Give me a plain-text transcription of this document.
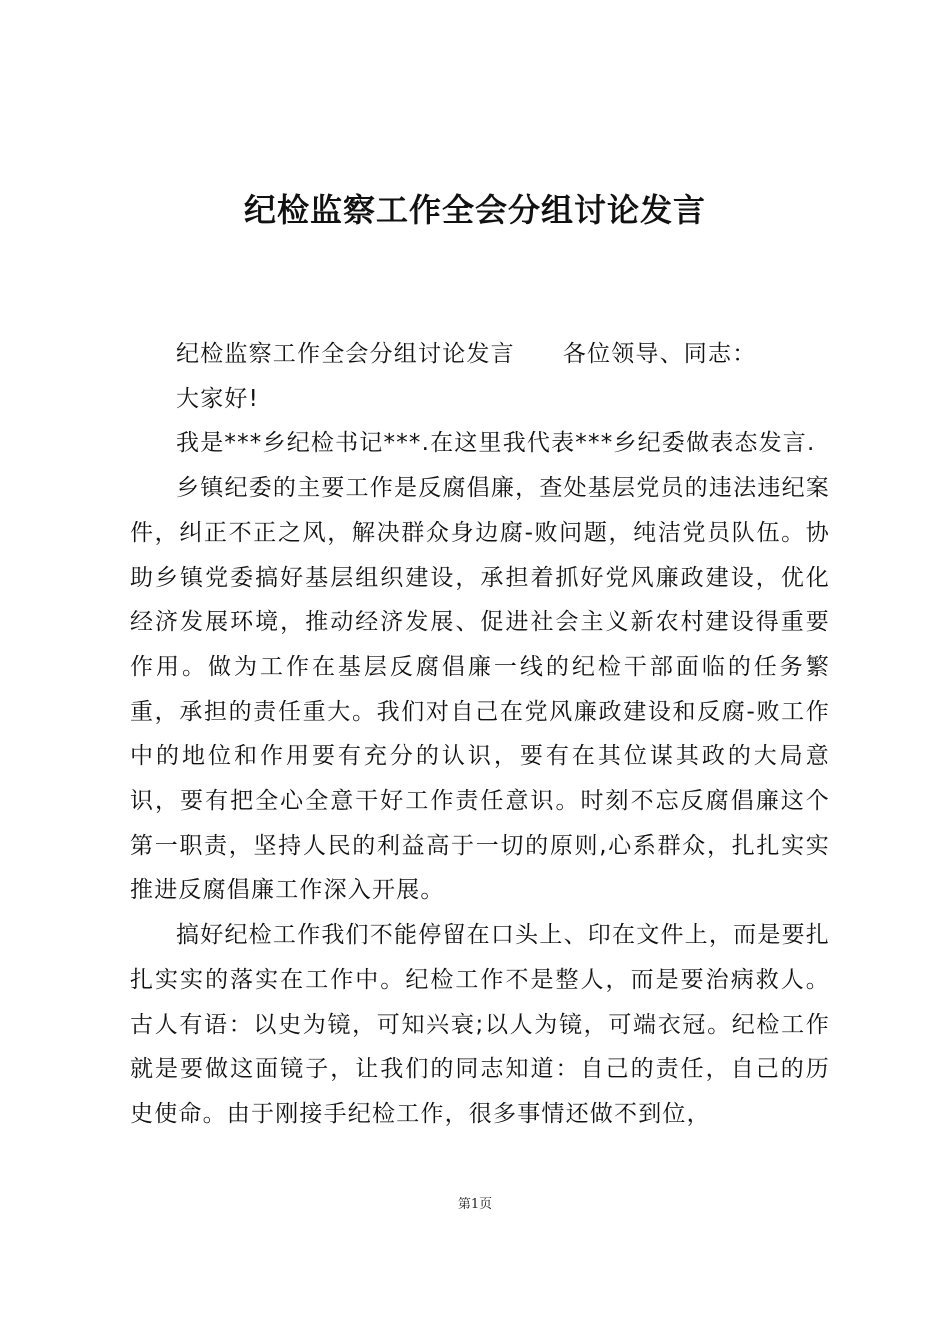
纪检监察工作全会分组讨论发言

纪检监察工作全会分组讨论发言 各位领导、同志：

大家好!

我是***乡纪检书记***.在这里我代表***乡纪委做表态发言.

乡镇纪委的主要工作是反腐倡廉，查处基层党员的违法违纪案件，纠正不正之风，解决群众身边腐-败问题，纯洁党员队伍。协助乡镇党委搞好基层组织建设，承担着抓好党风廉政建设，优化经济发展环境，推动经济发展、促进社会主义新农村建设得重要作用。做为工作在基层反腐倡廉一线的纪检干部面临的任务繁重，承担的责任重大。我们对自己在党风廉政建设和反腐-败工作中的地位和作用要有充分的认识，要有在其位谋其政的大局意识，要有把全心全意干好工作责任意识。时刻不忘反腐倡廉这个第一职责，坚持人民的利益高于一切的原则,心系群众，扎扎实实推进反腐倡廉工作深入开展。

搞好纪检工作我们不能停留在口头上、印在文件上，而是要扎扎实实的落实在工作中。纪检工作不是整人，而是要治病救人。古人有语：以史为镜，可知兴衰;以人为镜，可端衣冠。纪检工作就是要做这面镜子，让我们的同志知道：自己的责任，自己的历史使命。由于刚接手纪检工作，很多事情还做不到位，

第1页
